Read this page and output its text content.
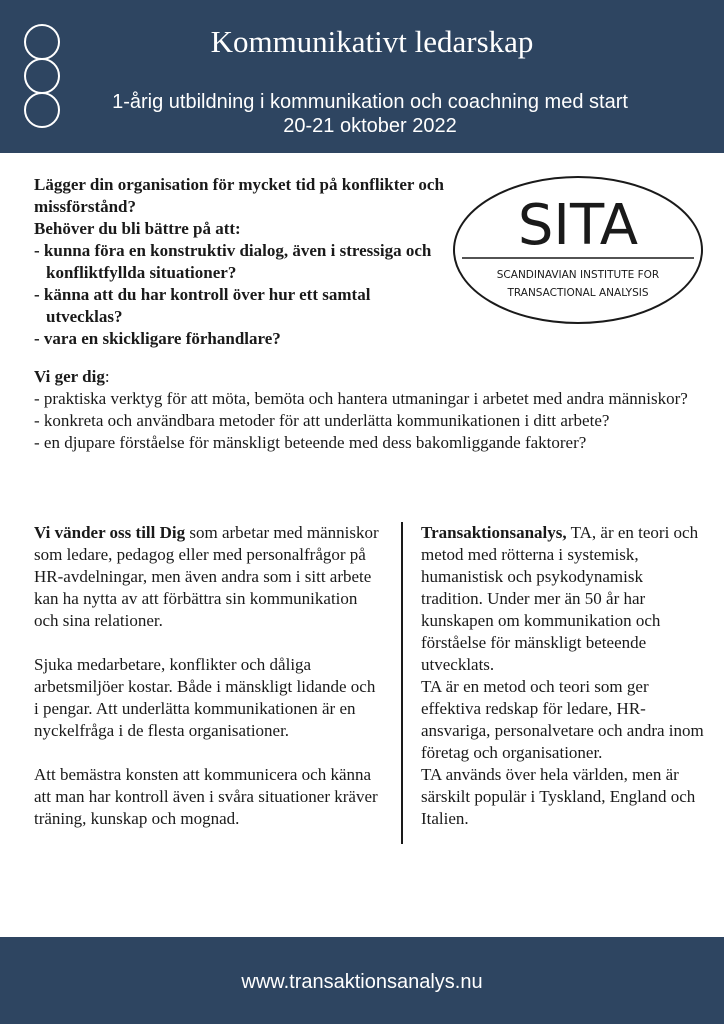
Kommunikativt ledarskap
1-årig utbildning i kommunikation och coachning med start
20-21 oktober 2022
Lägger din organisation för mycket tid på konflikter och missförstånd?
Behöver du bli bättre på att:
- kunna föra en konstruktiv dialog, även i stressiga och konfliktfyllda situationer?
- känna att du har kontroll över hur ett samtal utvecklas?
- vara en skickligare förhandlare?
SITA
SCANDINAVIAN INSTITUTE FOR
TRANSACTIONAL ANALYSIS
Vi ger dig:
- praktiska verktyg för att möta, bemöta och hantera utmaningar i arbetet med andra människor?
- konkreta och användbara metoder för att underlätta kommunikationen i ditt arbete?
- en djupare förståelse för mänskligt beteende med dess bakomliggande faktorer?

Vi vänder oss till Dig som arbetar med människor som ledare, pedagog eller med personalfrågor på HR-avdelningar, men även andra som i sitt arbete kan ha nytta av att förbättra sin kommunikation och sina relationer.

Sjuka medarbetare, konflikter och dåliga arbetsmiljöer kostar. Både i mänskligt lidande och i pengar. Att underlätta kommunikationen är en nyckelfråga i de flesta organisationer.

Att bemästra konsten att kommunicera och känna att man har kontroll även i svåra situationer kräver träning, kunskap och mognad.

Transaktionsanalys, TA, är en teori och metod med rötterna i systemisk, humanistisk och psykodynamisk tradition. Under mer än 50 år har kunskapen om kommunikation och förståelse för mänskligt beteende utvecklats.
TA är en metod och teori som ger effektiva redskap för ledare, HR-ansvariga, personalvetare och andra inom företag och organisationer.
TA används över hela världen, men är särskilt populär i Tyskland, England och Italien.
www.transaktionsanalys.nu
